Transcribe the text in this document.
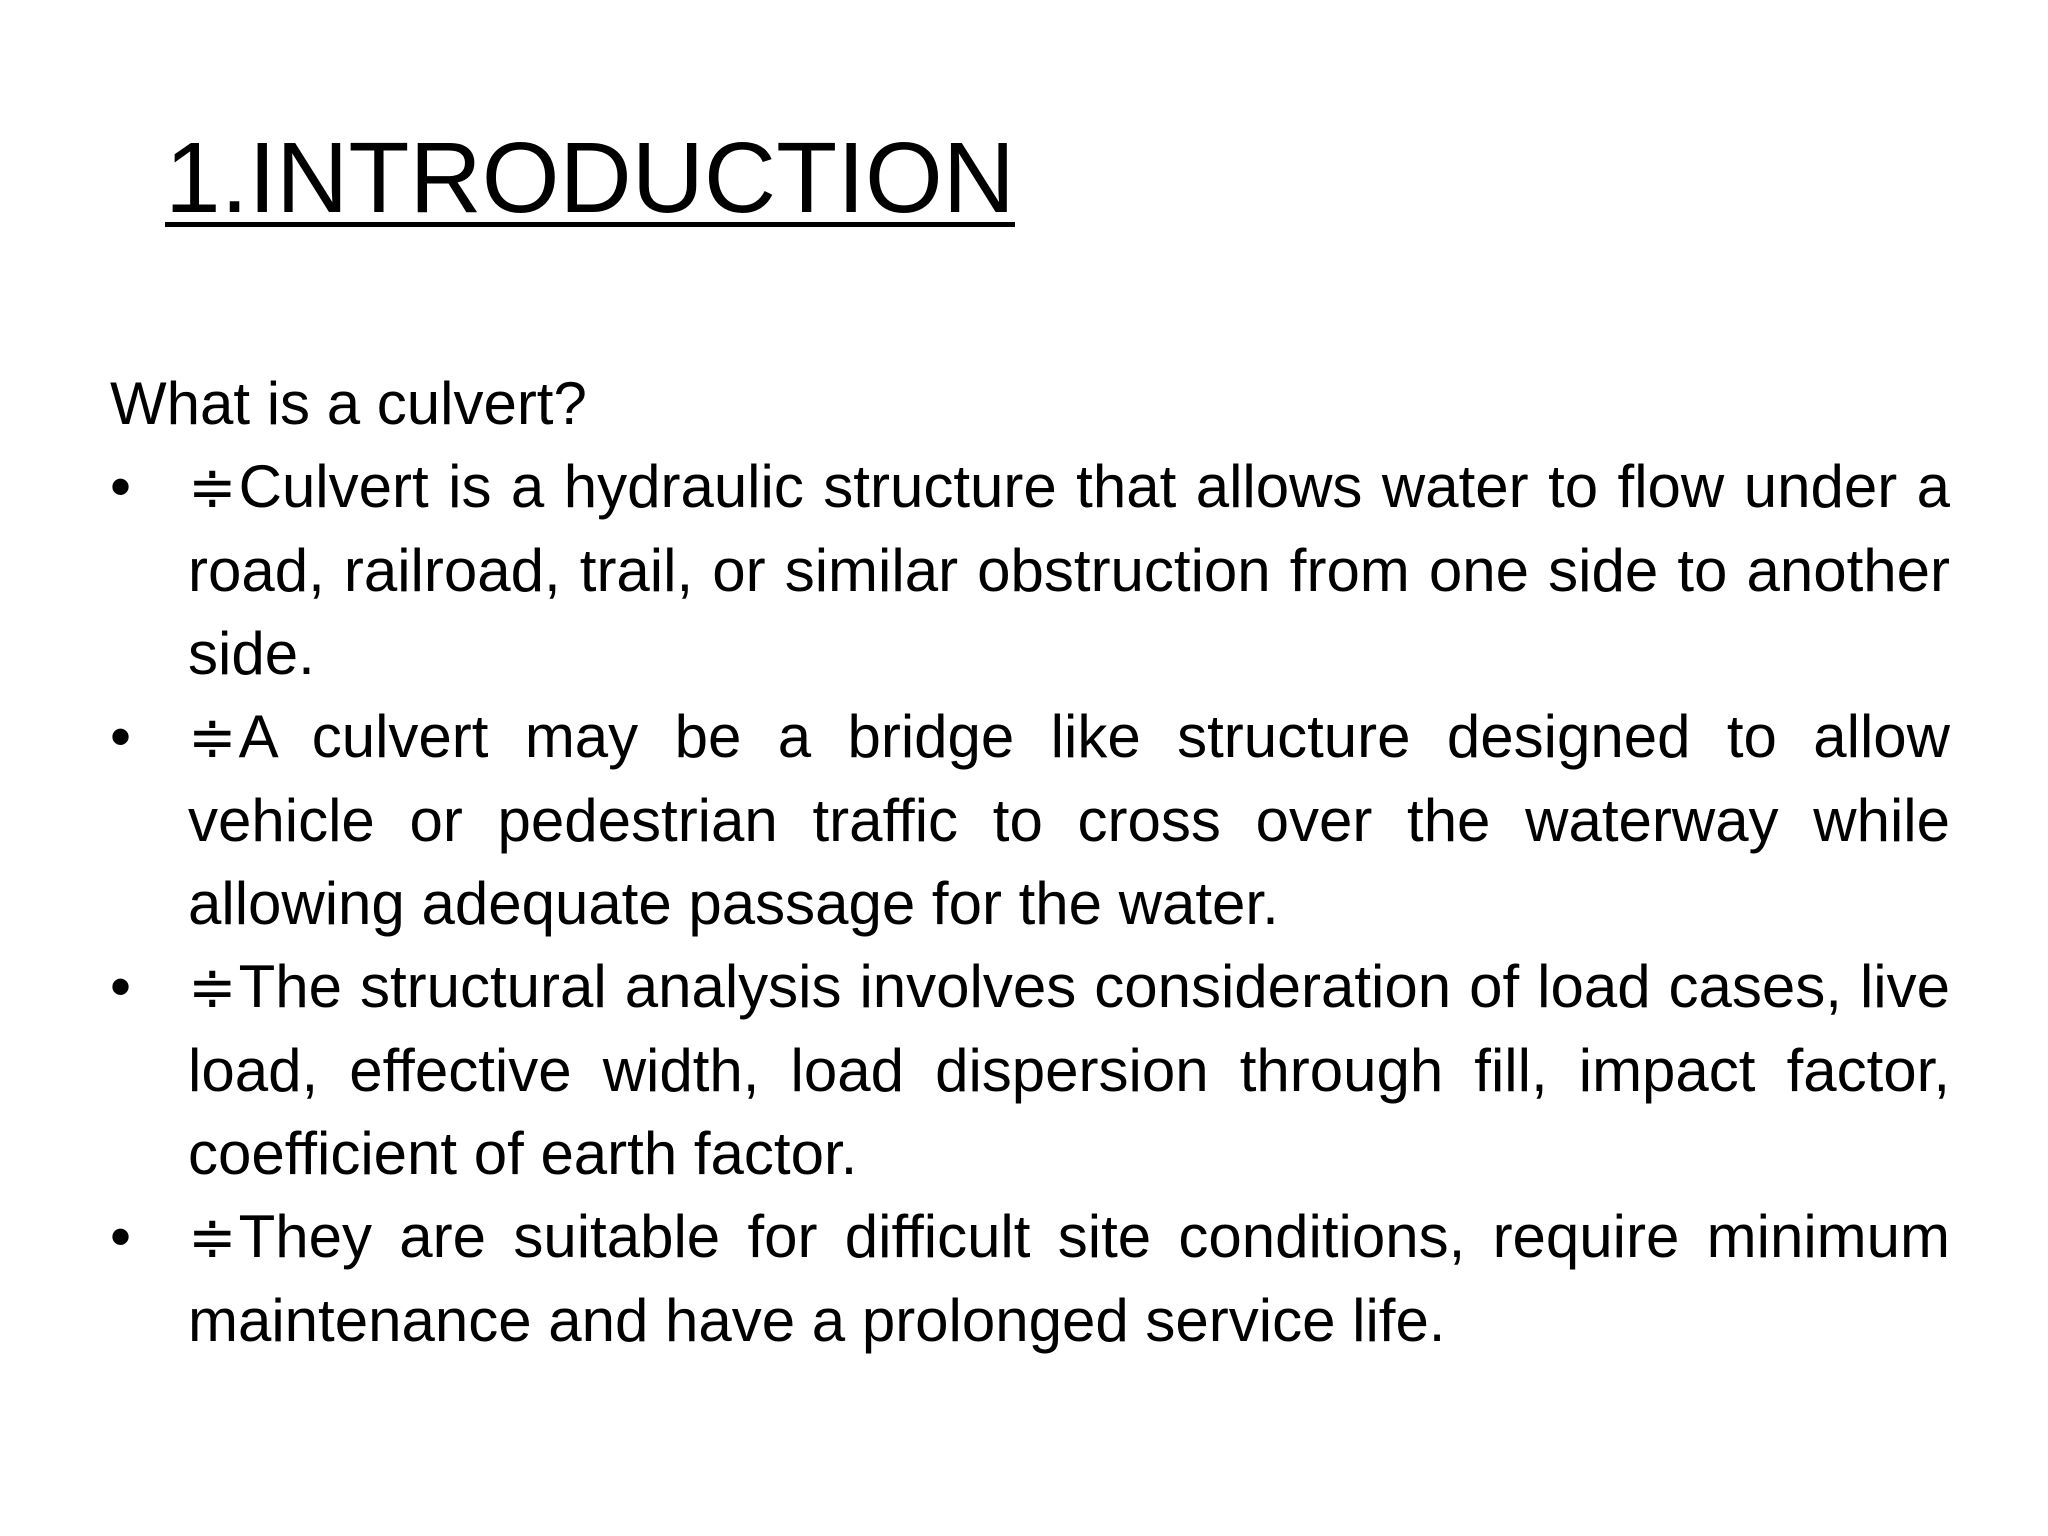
1.INTRODUCTION

What is a culvert?

• ≑Culvert is a hydraulic structure that allows water to flow under a road, railroad, trail, or similar obstruction from one side to another side.
• ≑A culvert may be a bridge like structure designed to allow vehicle or pedestrian traffic to cross over the waterway while allowing adequate passage for the water.
• ≑The structural analysis involves consideration of load cases, live load, effective width, load dispersion through fill, impact factor, coefficient of earth factor.
• ≑They are suitable for difficult site conditions, require minimum maintenance and have a prolonged service life.
